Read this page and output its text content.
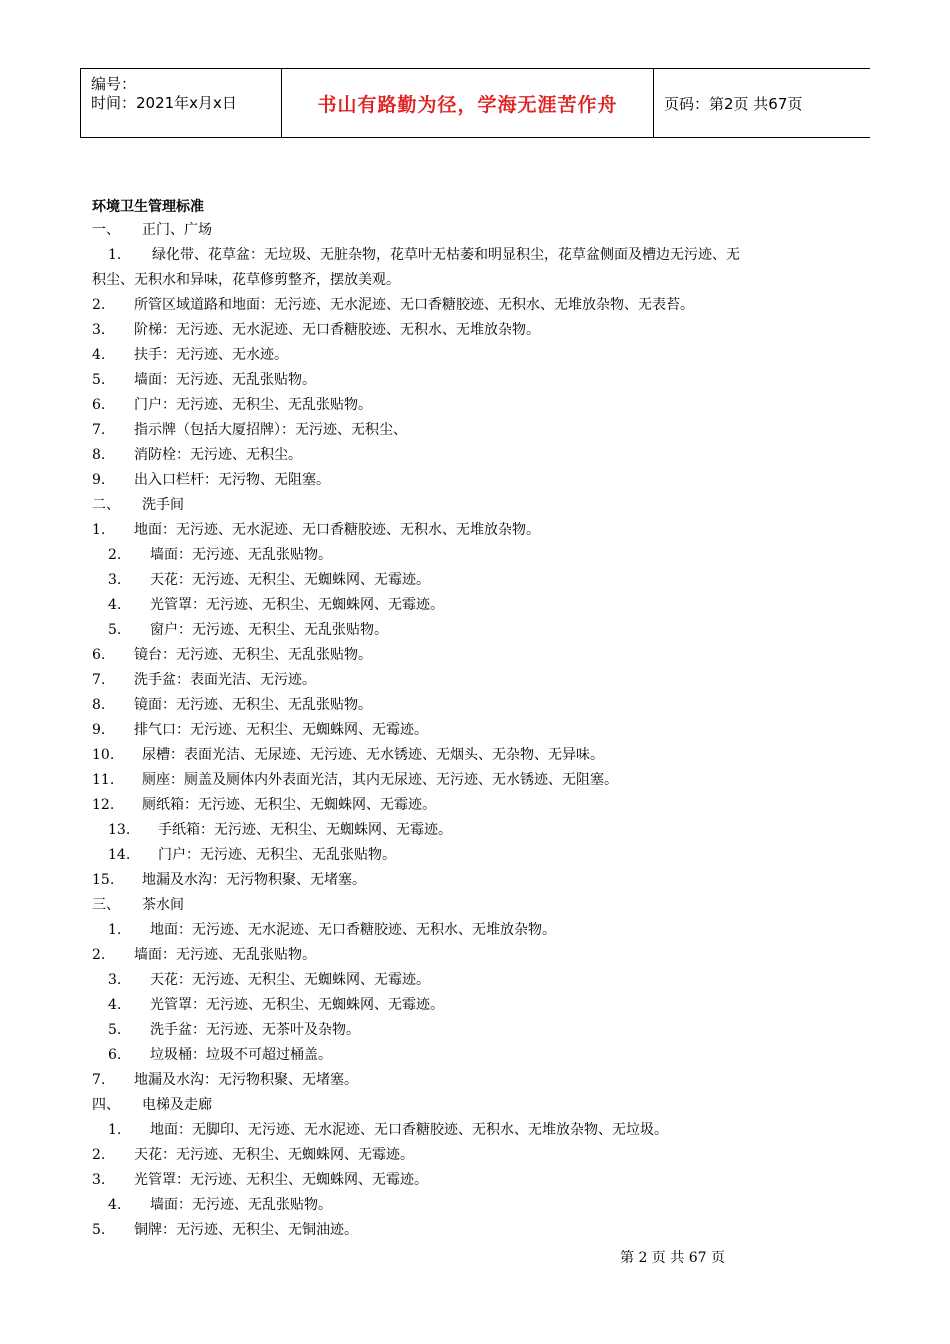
编号：
时间：2021年x月x日	书山有路勤为径，学海无涯苦作舟	页码：第2页 共67页
环境卫生管理标准
一、 正门、广场
1. 绿化带、花草盆：无垃圾、无脏杂物，花草叶无枯萎和明显积尘，花草盆侧面及槽边无污迹、无
积尘、无积水和异味，花草修剪整齐，摆放美观。
2. 所管区域道路和地面：无污迹、无水泥迹、无口香糖胶迹、无积水、无堆放杂物、无表苔。
3. 阶梯：无污迹、无水泥迹、无口香糖胶迹、无积水、无堆放杂物。
4. 扶手：无污迹、无水迹。
5. 墙面：无污迹、无乱张贴物。
6. 门户：无污迹、无积尘、无乱张贴物。
7. 指示牌（包括大厦招牌）：无污迹、无积尘、
8. 消防栓：无污迹、无积尘。
9. 出入口栏杆：无污物、无阻塞。
二、 洗手间
1. 地面：无污迹、无水泥迹、无口香糖胶迹、无积水、无堆放杂物。
2. 墙面：无污迹、无乱张贴物。
3. 天花：无污迹、无积尘、无蜘蛛网、无霉迹。
4. 光管罩：无污迹、无积尘、无蜘蛛网、无霉迹。
5. 窗户：无污迹、无积尘、无乱张贴物。
6. 镜台：无污迹、无积尘、无乱张贴物。
7. 洗手盆：表面光洁、无污迹。
8. 镜面：无污迹、无积尘、无乱张贴物。
9. 排气口：无污迹、无积尘、无蜘蛛网、无霉迹。
10. 尿槽：表面光洁、无尿迹、无污迹、无水锈迹、无烟头、无杂物、无异味。
11. 厕座：厕盖及厕体内外表面光洁，其内无尿迹、无污迹、无水锈迹、无阻塞。
12. 厕纸箱：无污迹、无积尘、无蜘蛛网、无霉迹。
13. 手纸箱：无污迹、无积尘、无蜘蛛网、无霉迹。
14. 门户：无污迹、无积尘、无乱张贴物。
15. 地漏及水沟：无污物积聚、无堵塞。
三、 茶水间
1. 地面：无污迹、无水泥迹、无口香糖胶迹、无积水、无堆放杂物。
2. 墙面：无污迹、无乱张贴物。
3. 天花：无污迹、无积尘、无蜘蛛网、无霉迹。
4. 光管罩：无污迹、无积尘、无蜘蛛网、无霉迹。
5. 洗手盆：无污迹、无茶叶及杂物。
6. 垃圾桶：垃圾不可超过桶盖。
7. 地漏及水沟：无污物积聚、无堵塞。
四、 电梯及走廊
1. 地面：无脚印、无污迹、无水泥迹、无口香糖胶迹、无积水、无堆放杂物、无垃圾。
2. 天花：无污迹、无积尘、无蜘蛛网、无霉迹。
3. 光管罩：无污迹、无积尘、无蜘蛛网、无霉迹。
4. 墙面：无污迹、无乱张贴物。
5. 铜牌：无污迹、无积尘、无铜油迹。
第 2 页 共 67 页
